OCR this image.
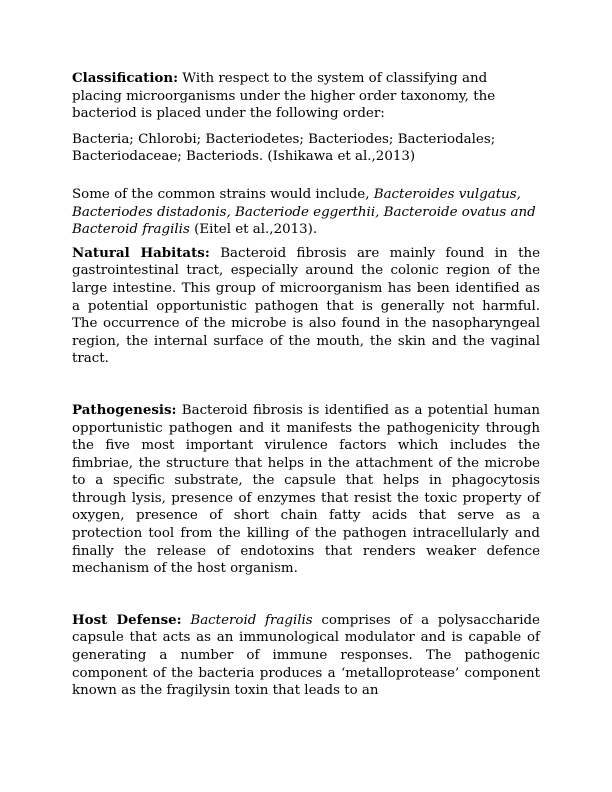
Classification: With respect to the system of classifying and placing microorganisms under the higher order taxonomy, the bacteriod is placed under the following order:

Bacteria; Chlorobi; Bacteriodetes; Bacteriodes; Bacteriodales; Bacteriodaceae; Bacteriods. (Ishikawa et al.,2013)

Some of the common strains would include, Bacteroides vulgatus, Bacteriodes distadonis, Bacteriode eggerthii, Bacteroide ovatus and Bacteroid fragilis (Eitel et al.,2013).

Natural Habitats: Bacteroid fibrosis are mainly found in the gastrointestinal tract, especially around the colonic region of the large intestine. This group of microorganism has been identified as a potential opportunistic pathogen that is generally not harmful. The occurrence of the microbe is also found in the nasopharyngeal region, the internal surface of the mouth, the skin and the vaginal tract.

Pathogenesis: Bacteroid fibrosis is identified as a potential human opportunistic pathogen and it manifests the pathogenicity through the five most important virulence factors which includes the fimbriae, the structure that helps in the attachment of the microbe to a specific substrate, the capsule that helps in phagocytosis through lysis, presence of enzymes that resist the toxic property of oxygen, presence of short chain fatty acids that serve as a protection tool from the killing of the pathogen intracellularly and finally the release of endotoxins that renders weaker defence mechanism of the host organism.

Host Defense: Bacteroid fragilis comprises of a polysaccharide capsule that acts as an immunological modulator and is capable of generating a number of immune responses. The pathogenic component of the bacteria produces a ‘metalloprotease’ component known as the fragilysin toxin that leads to an
